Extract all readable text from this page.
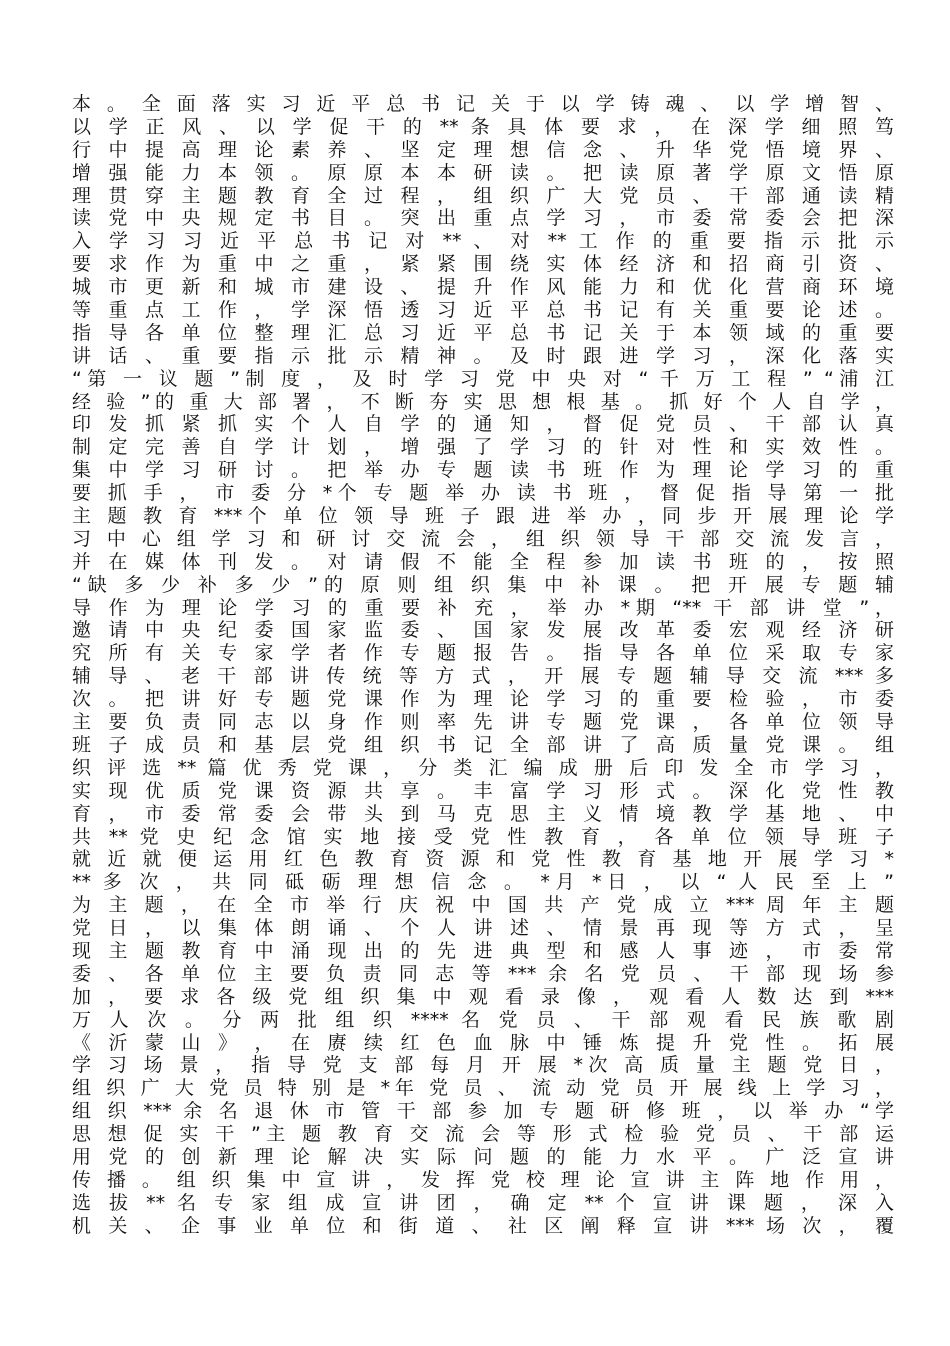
本 。 全 面 落 实 习 近 平 总 书 记 关 于 以 学 铸 魂 、 以 学 增 智 、
以 学 正 风 、 以 学 促 干 的 ** 条 具 体 要 求 ， 在 深 学 细 照 笃
行 中 提 高 理 论 素 养 、 坚 定 理 想 信 念 、 升 华 党 悟 境 界 、
增 强 能 力 本 领 。 原 原 本 本 研 读 。 把 读 原 著 学 原 文 悟 原
理 贯 穿 主 题 教 育 全 过 程 ， 组 织 广 大 党 员 、 干 部 通 读 精
读 党 中 央 规 定 书 目 。 突 出 重 点 学 习 ， 市 委 常 委 会 把 深
入 学 习 习 近 平 总 书 记 对 ** 、 对 ** 工 作 的 重 要 指 示 批 示
要 求 作 为 重 中 之 重 ， 紧 紧 围 绕 实 体 经 济 和 招 商 引 资 、
城 市 更 新 和 城 市 建 设 、 提 升 作 风 能 力 和 优 化 营 商 环 境
等 重 点 工 作 ， 学 深 悟 透 习 近 平 总 书 记 有 关 重 要 论 述 。
指 导 各 单 位 整 理 汇 总 习 近 平 总 书 记 关 于 本 领 域 的 重 要
讲 话 、 重 要 指 示 批 示 精 神 。 及 时 跟 进 学 习 ， 深 化 落 实
“第 一 议 题 ”制 度 ， 及 时 学 习 党 中 央 对 “ 千 万 工 程 ” “浦 江
经 验 ”的 重 大 部 署 ， 不 断 夯 实 思 想 根 基 。 抓 好 个 人 自 学 ，
印 发 抓 紧 抓 实 个 人 自 学 的 通 知 ， 督 促 党 员 、 干 部 认 真
制 定 完 善 自 学 计 划 ， 增 强 了 学 习 的 针 对 性 和 实 效 性 。
集 中 学 习 研 讨 。 把 举 办 专 题 读 书 班 作 为 理 论 学 习 的 重
要 抓 手 ， 市 委 分 *个 专 题 举 办 读 书 班 ， 督 促 指 导 第 一 批
主 题 教 育 ***个 单 位 领 导 班 子 跟 进 举 办 ，同 步 开 展 理 论 学
习 中 心 组 学 习 和 研 讨 交 流 会 ， 组 织 领 导 干 部 交 流 发 言 ，
并 在 媒 体 刊 发 。 对 请 假 不 能 全 程 参 加 读 书 班 的 ， 按 照
“缺 多 少 补 多 少 ”的 原 则 组 织 集 中 补 课 。 把 开 展 专 题 辅
导 作 为 理 论 学 习 的 重 要 补 充 ， 举 办 *期 “** 干 部 讲 堂 ”，
邀 请 中 央 纪 委 国 家 监 委 、 国 家 发 展 改 革 委 宏 观 经 济 研
究 所 有 关 专 家 学 者 作 专 题 报 告 。 指 导 各 单 位 采 取 专 家
辅 导 、 老 干 部 讲 传 统 等 方 式 ， 开 展 专 题 辅 导 交 流 *** 多
次 。 把 讲 好 专 题 党 课 作 为 理 论 学 习 的 重 要 检 验 ， 市 委
主 要 负 责 同 志 以 身 作 则 率 先 讲 专 题 党 课 ， 各 单 位 领 导
班 子 成 员 和 基 层 党 组 织 书 记 全 部 讲 了 高 质 量 党 课 。 组
织 评 选 ** 篇 优 秀 党 课 ， 分 类 汇 编 成 册 后 印 发 全 市 学 习 ，
实 现 优 质 党 课 资 源 共 享 。 丰 富 学 习 形 式 。 深 化 党 性 教
育 ， 市 委 常 委 会 带 头 到 马 克 思 主 义 情 境 教 学 基 地 、 中
共 ** 党 史 纪 念 馆 实 地 接 受 党 性 教 育 ， 各 单 位 领 导 班 子
就 近 就 便 运 用 红 色 教 育 资 源 和 党 性 教 育 基 地 开 展 学 习 *
** 多 次 ， 共 同 砥 砺 理 想 信 念 。 *月 *日 ， 以 “ 人 民 至 上 ”
为 主 题 ， 在 全 市 举 行 庆 祝 中 国 共 产 党 成 立 *** 周 年 主 题
党 日 ， 以 集 体 朗 诵 、 个 人 讲 述 、 情 景 再 现 等 方 式 ， 呈
现 主 题 教 育 中 涌 现 出 的 先 进 典 型 和 感 人 事 迹 ， 市 委 常
委 、 各 单 位 主 要 负 责 同 志 等 *** 余 名 党 员 、 干 部 现 场 参
加 ， 要 求 各 级 党 组 织 集 中 观 看 录 像 ， 观 看 人 数 达 到 ***
万 人 次 。 分 两 批 组 织 **** 名 党 员 、 干 部 观 看 民 族 歌 剧
《 沂 蒙 山 》 ， 在 赓 续 红 色 血 脉 中 锤 炼 提 升 党 性 。 拓 展
学 习 场 景 ， 指 导 党 支 部 每 月 开 展 *次 高 质 量 主 题 党 日 ，
组 织 广 大 党 员 特 别 是 *年 党 员 、 流 动 党 员 开 展 线 上 学 习 ，
组 织 *** 余 名 退 休 市 管 干 部 参 加 专 题 研 修 班 ， 以 举 办 “学
思 想 促 实 干 ”主 题 教 育 交 流 会 等 形 式 检 验 党 员 、 干 部 运
用 党 的 创 新 理 论 解 决 实 际 问 题 的 能 力 水 平 。 广 泛 宣 讲
传 播 。 组 织 集 中 宣 讲 ， 发 挥 党 校 理 论 宣 讲 主 阵 地 作 用 ，
选 拔 ** 名 专 家 组 成 宣 讲 团 ， 确 定 ** 个 宣 讲 课 题 ， 深 入
机 关 、 企 事 业 单 位 和 街 道 、 社 区 阐 释 宣 讲 *** 场 次 ， 覆
